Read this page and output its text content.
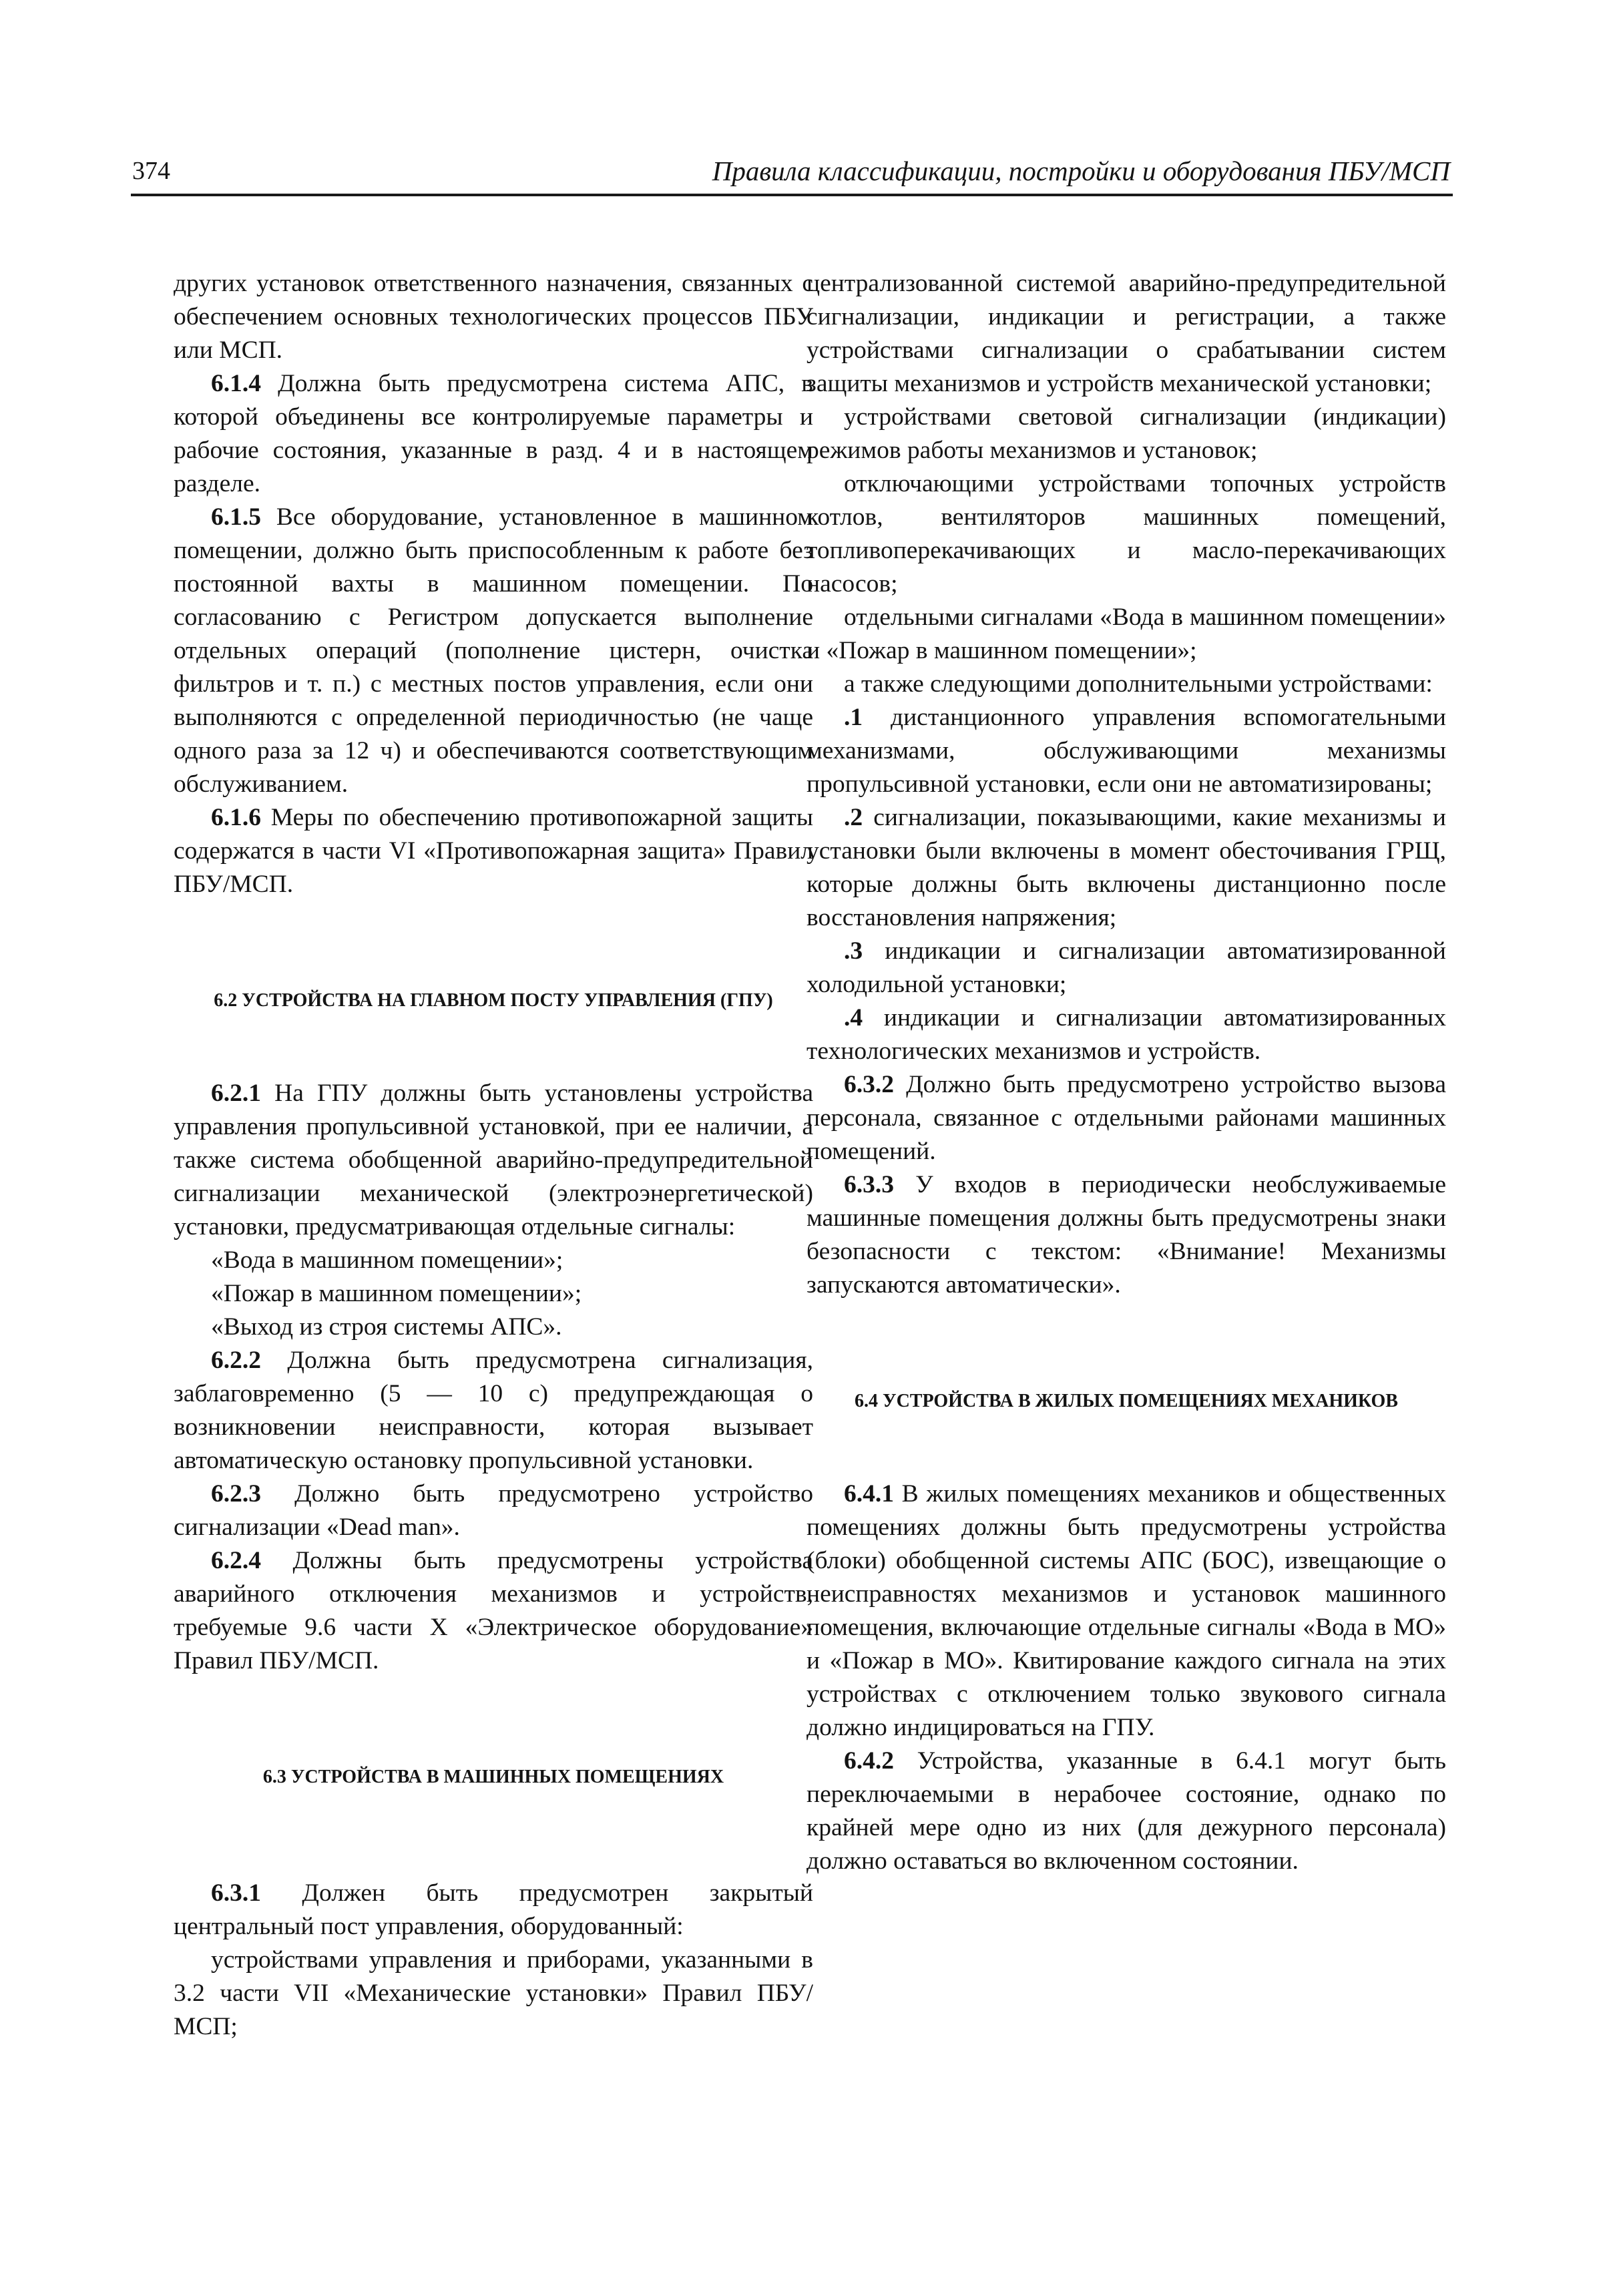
374	Правила классификации, постройки и оборудования ПБУ/МСП

других установок ответственного назначения, связанных с обеспечением основных технологических процессов ПБУ или МСП.

6.1.4 Должна быть предусмотрена система АПС, в которой объединены все контролируемые параметры и рабочие состояния, указанные в разд. 4 и в настоящем разделе.

6.1.5 Все оборудование, установленное в машинном помещении, должно быть приспособленным к работе без постоянной вахты в машинном помещении. По согласованию с Регистром допускается выполнение отдельных операций (пополнение цистерн, очистка фильтров и т. п.) с местных постов управления, если они выполняются с определенной периодичностью (не чаще одного раза за 12 ч) и обеспечиваются соответствующим обслуживанием.

6.1.6 Меры по обеспечению противопожарной защиты содержатся в части VI «Противопожарная защита» Правил ПБУ/МСП.

6.2 УСТРОЙСТВА НА ГЛАВНОМ ПОСТУ УПРАВЛЕНИЯ (ГПУ)

6.2.1 На ГПУ должны быть установлены устройства управления пропульсивной установкой, при ее наличии, а также система обобщенной аварийно-предупредительной сигнализации механической (электроэнергетической) установки, предусматривающая отдельные сигналы:

«Вода в машинном помещении»;

«Пожар в машинном помещении»;

«Выход из строя системы АПС».

6.2.2 Должна быть предусмотрена сигнализация, заблаговременно (5 — 10 с) предупреждающая о возникновении неисправности, которая вызывает автоматическую остановку пропульсивной установки.

6.2.3 Должно быть предусмотрено устройство сигнализации «Dead man».

6.2.4 Должны быть предусмотрены устройства аварийного отключения механизмов и устройств, требуемые 9.6 части X «Электрическое оборудование» Правил ПБУ/МСП.

6.3 УСТРОЙСТВА В МАШИННЫХ ПОМЕЩЕНИЯХ

6.3.1 Должен быть предусмотрен закрытый центральный пост управления, оборудованный:

устройствами управления и приборами, указанными в 3.2 части VII «Механические установки» Правил ПБУ/МСП;

централизованной системой аварийно-предупредительной сигнализации, индикации и регистрации, а также устройствами сигнализации о срабатывании систем защиты механизмов и устройств механической установки;

устройствами световой сигнализации (индикации) режимов работы механизмов и установок;

отключающими устройствами топочных устройств котлов, вентиляторов машинных помещений, топливоперекачивающих и масло-перекачивающих насосов;

отдельными сигналами «Вода в машинном помещении» и «Пожар в машинном помещении»;

а также следующими дополнительными устройствами:

.1 дистанционного управления вспомогательными механизмами, обслуживающими механизмы пропульсивной установки, если они не автоматизированы;

.2 сигнализации, показывающими, какие механизмы и установки были включены в момент обесточивания ГРЩ, которые должны быть включены дистанционно после восстановления напряжения;

.3 индикации и сигнализации автоматизированной холодильной установки;

.4 индикации и сигнализации автоматизированных технологических механизмов и устройств.

6.3.2 Должно быть предусмотрено устройство вызова персонала, связанное с отдельными районами машинных помещений.

6.3.3 У входов в периодически необслуживаемые машинные помещения должны быть предусмотрены знаки безопасности с текстом: «Внимание! Механизмы запускаются автоматически».

6.4 УСТРОЙСТВА В ЖИЛЫХ ПОМЕЩЕНИЯХ МЕХАНИКОВ

6.4.1 В жилых помещениях механиков и общественных помещениях должны быть предусмотрены устройства (блоки) обобщенной системы АПС (БОС), извещающие о неисправностях механизмов и установок машинного помещения, включающие отдельные сигналы «Вода в МО» и «Пожар в МО». Квитирование каждого сигнала на этих устройствах с отключением только звукового сигнала должно индицироваться на ГПУ.

6.4.2 Устройства, указанные в 6.4.1 могут быть переключаемыми в нерабочее состояние, однако по крайней мере одно из них (для дежурного персонала) должно оставаться во включенном состоянии.
